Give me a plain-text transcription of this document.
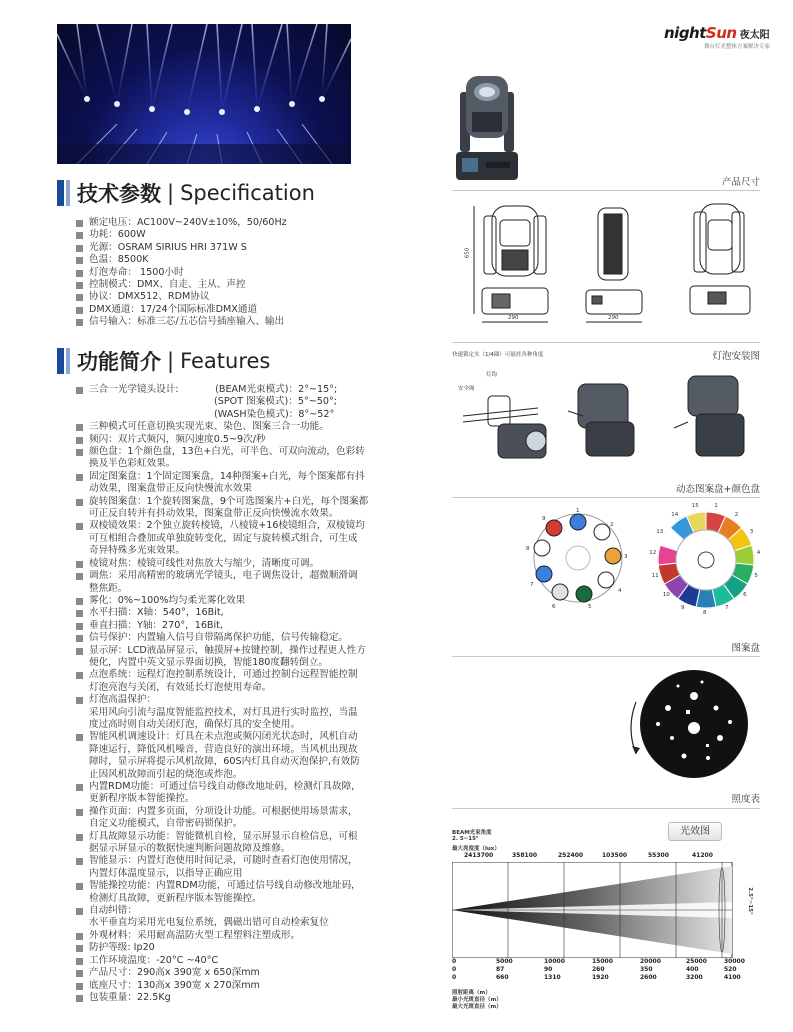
nightSun 夜太阳
舞台灯光整体方案解决专家
产品尺寸
650
290	290
快速锁定夹（1/4圈）可悬挂各种角度	灯泡安装图
灯钩
安全绳
动态图案盘+颜色盘
1
2
3
4
5
6
7
8
9
1
2
3
4
5
6
7
8
9
10
11
12
13
14
15
图案盘
照度表
光效图
BEAM光束角度
2. 5~15°
最大亮度度（lux）
2413700	358100	252400	103500	55300	41200
2.5°~15°
0	5000	10000	15000	20000	25000	30000
0	87	90	260	350	400	520
0	660	1310	1920	2600	3200	4100
照射距离（m）
最小光斑直径（m）
最大光斑直径（m）
技术参数 | Specification
额定电压：AC100V~240V±10%，50/60Hz
功耗：600W
光源：OSRAM SIRIUS HRI 371W S
色温：8500K
灯泡寿命： 1500小时
控制模式：DMX、自走、主从、声控
协议：DMX512、RDM协议
DMX通道：17/24个国际标准DMX通道
信号输入：标准三芯/五芯信号插座输入、输出
功能简介 | Features
三合一光学镜头设计:            (BEAM光束模式)：2°~15°;
(SPOT 图案模式)：5°~50°;
(WASH染色模式)：8°~52°
三种模式可任意切换实现光束、染色、图案三合一功能。
频闪：双片式频闪，频闪速度0.5~9次/秒
颜色盘：1个颜色盘，13色+白光，可半色、可双向流动，色彩转
换及半色彩虹效果。
固定图案盘：1个固定图案盘，14种图案+白光，每个图案都有抖
动效果，图案盘带正反向快慢流水效果
旋转图案盘：1个旋转图案盘，9个可选图案片+白光，每个图案都
可正反自转并有抖动效果，图案盘带正反向快慢流水效果。
双棱镜效果：2个独立旋转棱镜，八棱镜+16棱镜组合，双棱镜均
可互相组合叠加或单独旋转变化，固定与旋转模式组合，可生成
奇异特殊多光束效果。
棱镜对焦：棱镜可线性对焦放大与缩少，清晰度可调。
调焦：采用高精密的玻璃光学镜头，电子调焦设计，超微顺滑调
整焦距。
雾化：0%~100%均匀柔光雾化效果
水平扫描：X轴：540°，16Bit,
垂直扫描：Y轴：270°，16Bit,
信号保护：内置输入信号自带隔离保护功能，信号传输稳定。
显示屏：LCD液晶屏显示，触摸屏+按键控制，操作过程更人性方
便化，内置中英文显示界面切换，智能180度翻转倒立。
点泡系统：远程灯泡控制系统设计，可通过控制台远程智能控制
灯泡亮泡与关闭，有效延长灯泡使用寿命。
灯泡高温保护：
采用风向引流与温度智能监控技术，对灯具进行实时监控，当温
度过高时则自动关闭灯泡，确保灯具的安全使用。
智能风机调速设计：灯具在未点泡或频闪闭光状态时，风机自动
降速运行，降低风机噪音，营造良好的演出环境。当风机出现故
障时，显示屏将提示风机故障，60S内灯具自动灭泡保护,有效防
止因风机故障而引起的烧泡或炸泡。
内置RDM功能：可通过信号线自动修改地址码，检测灯具故障，
更新程序版本智能操控。
操作页面：内置多页面，分项设计功能。可根据使用场景需求，
自定义功能模式，自带密码锁保护。
灯具故障显示功能：智能微机自检，显示屏显示自检信息，可根
据显示屏显示的数据快速判断问题故障及维修。
智能显示：内置灯泡使用时间记录，可随时查看灯泡使用情况，
内置灯体温度显示，以指导正确应用
智能操控功能：内置RDM功能，可通过信号线自动修改地址码，
检测灯具故障，更新程序版本智能操控。
自动纠错：
水平垂直均采用光电复位系统，偶磁出错可自动检索复位
外观材料：采用耐高温防火型工程塑料注塑成形。
防护等级: Ip20
工作环境温度：-20°C ~40°C
产品尺寸：290高x 390宽 x 650深mm
底座尺寸：130高x 390宽 x 270深mm
包装重量：22.5Kg
